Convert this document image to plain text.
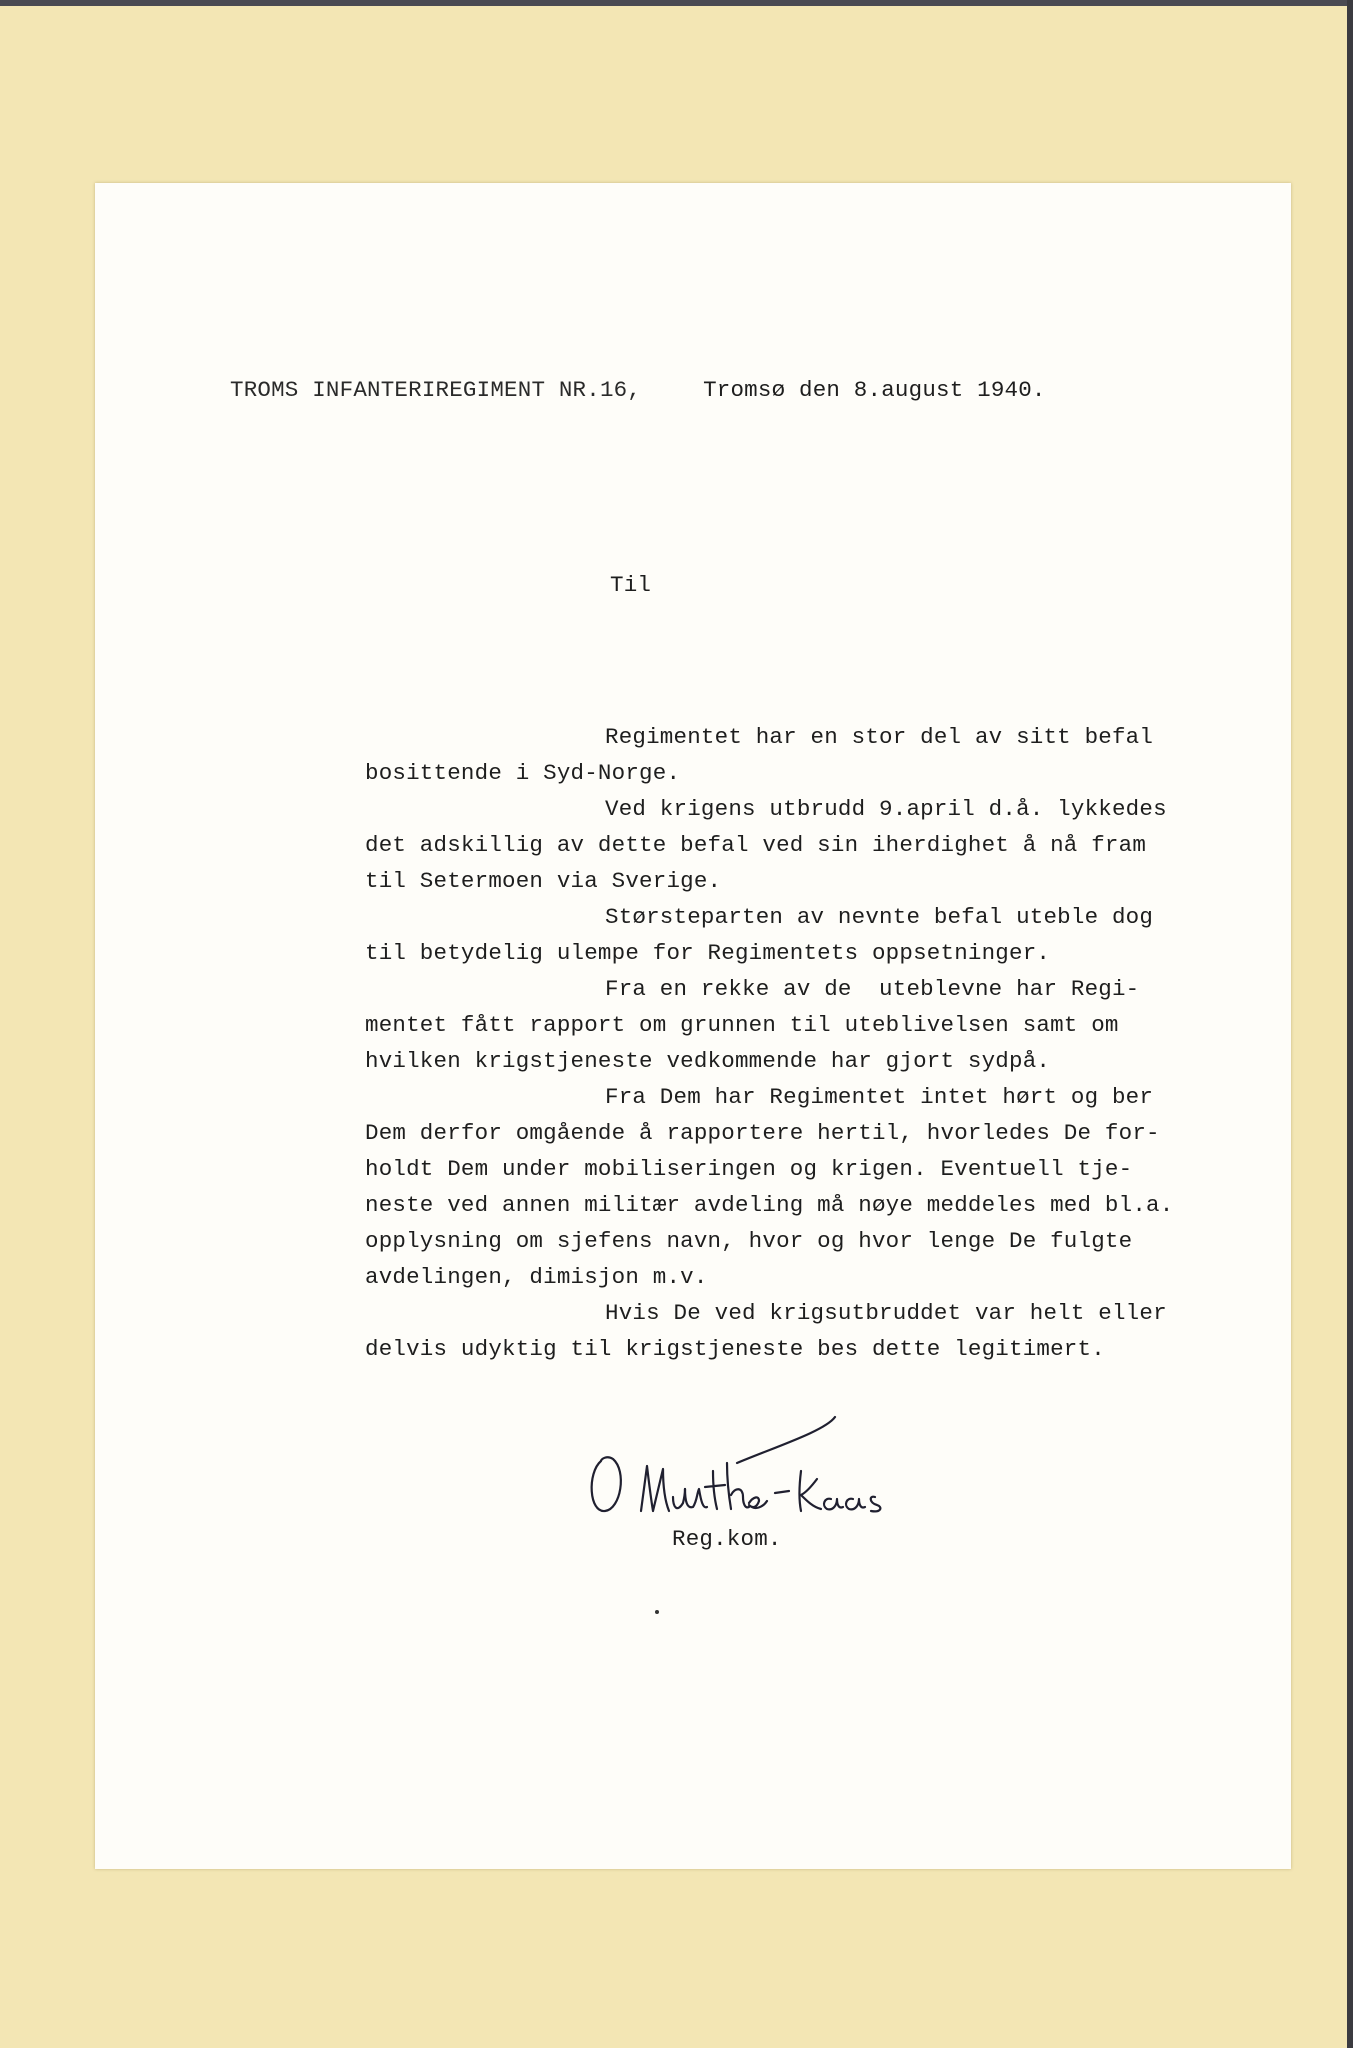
TROMS INFANTERIREGIMENT NR.16,	Tromsø den 8.august 1940.

Til

Regimentet har en stor del av sitt befal

bosittende i Syd-Norge.

Ved krigens utbrudd 9.april d.å. lykkedes

det adskillig av dette befal ved sin iherdighet å nå fram

til Setermoen via Sverige.

Størsteparten av nevnte befal uteble dog

til betydelig ulempe for Regimentets oppsetninger.

Fra en rekke av de  uteblevne har Regi-

mentet fått rapport om grunnen til uteblivelsen samt om

hvilken krigstjeneste vedkommende har gjort sydpå.

Fra Dem har Regimentet intet hørt og ber

Dem derfor omgående å rapportere hertil, hvorledes De for-

holdt Dem under mobiliseringen og krigen. Eventuell tje-

neste ved annen militær avdeling må nøye meddeles med bl.a.

opplysning om sjefens navn, hvor og hvor lenge De fulgte

avdelingen, dimisjon m.v.

Hvis De ved krigsutbruddet var helt eller

delvis udyktig til krigstjeneste bes dette legitimert.

Reg.kom.
